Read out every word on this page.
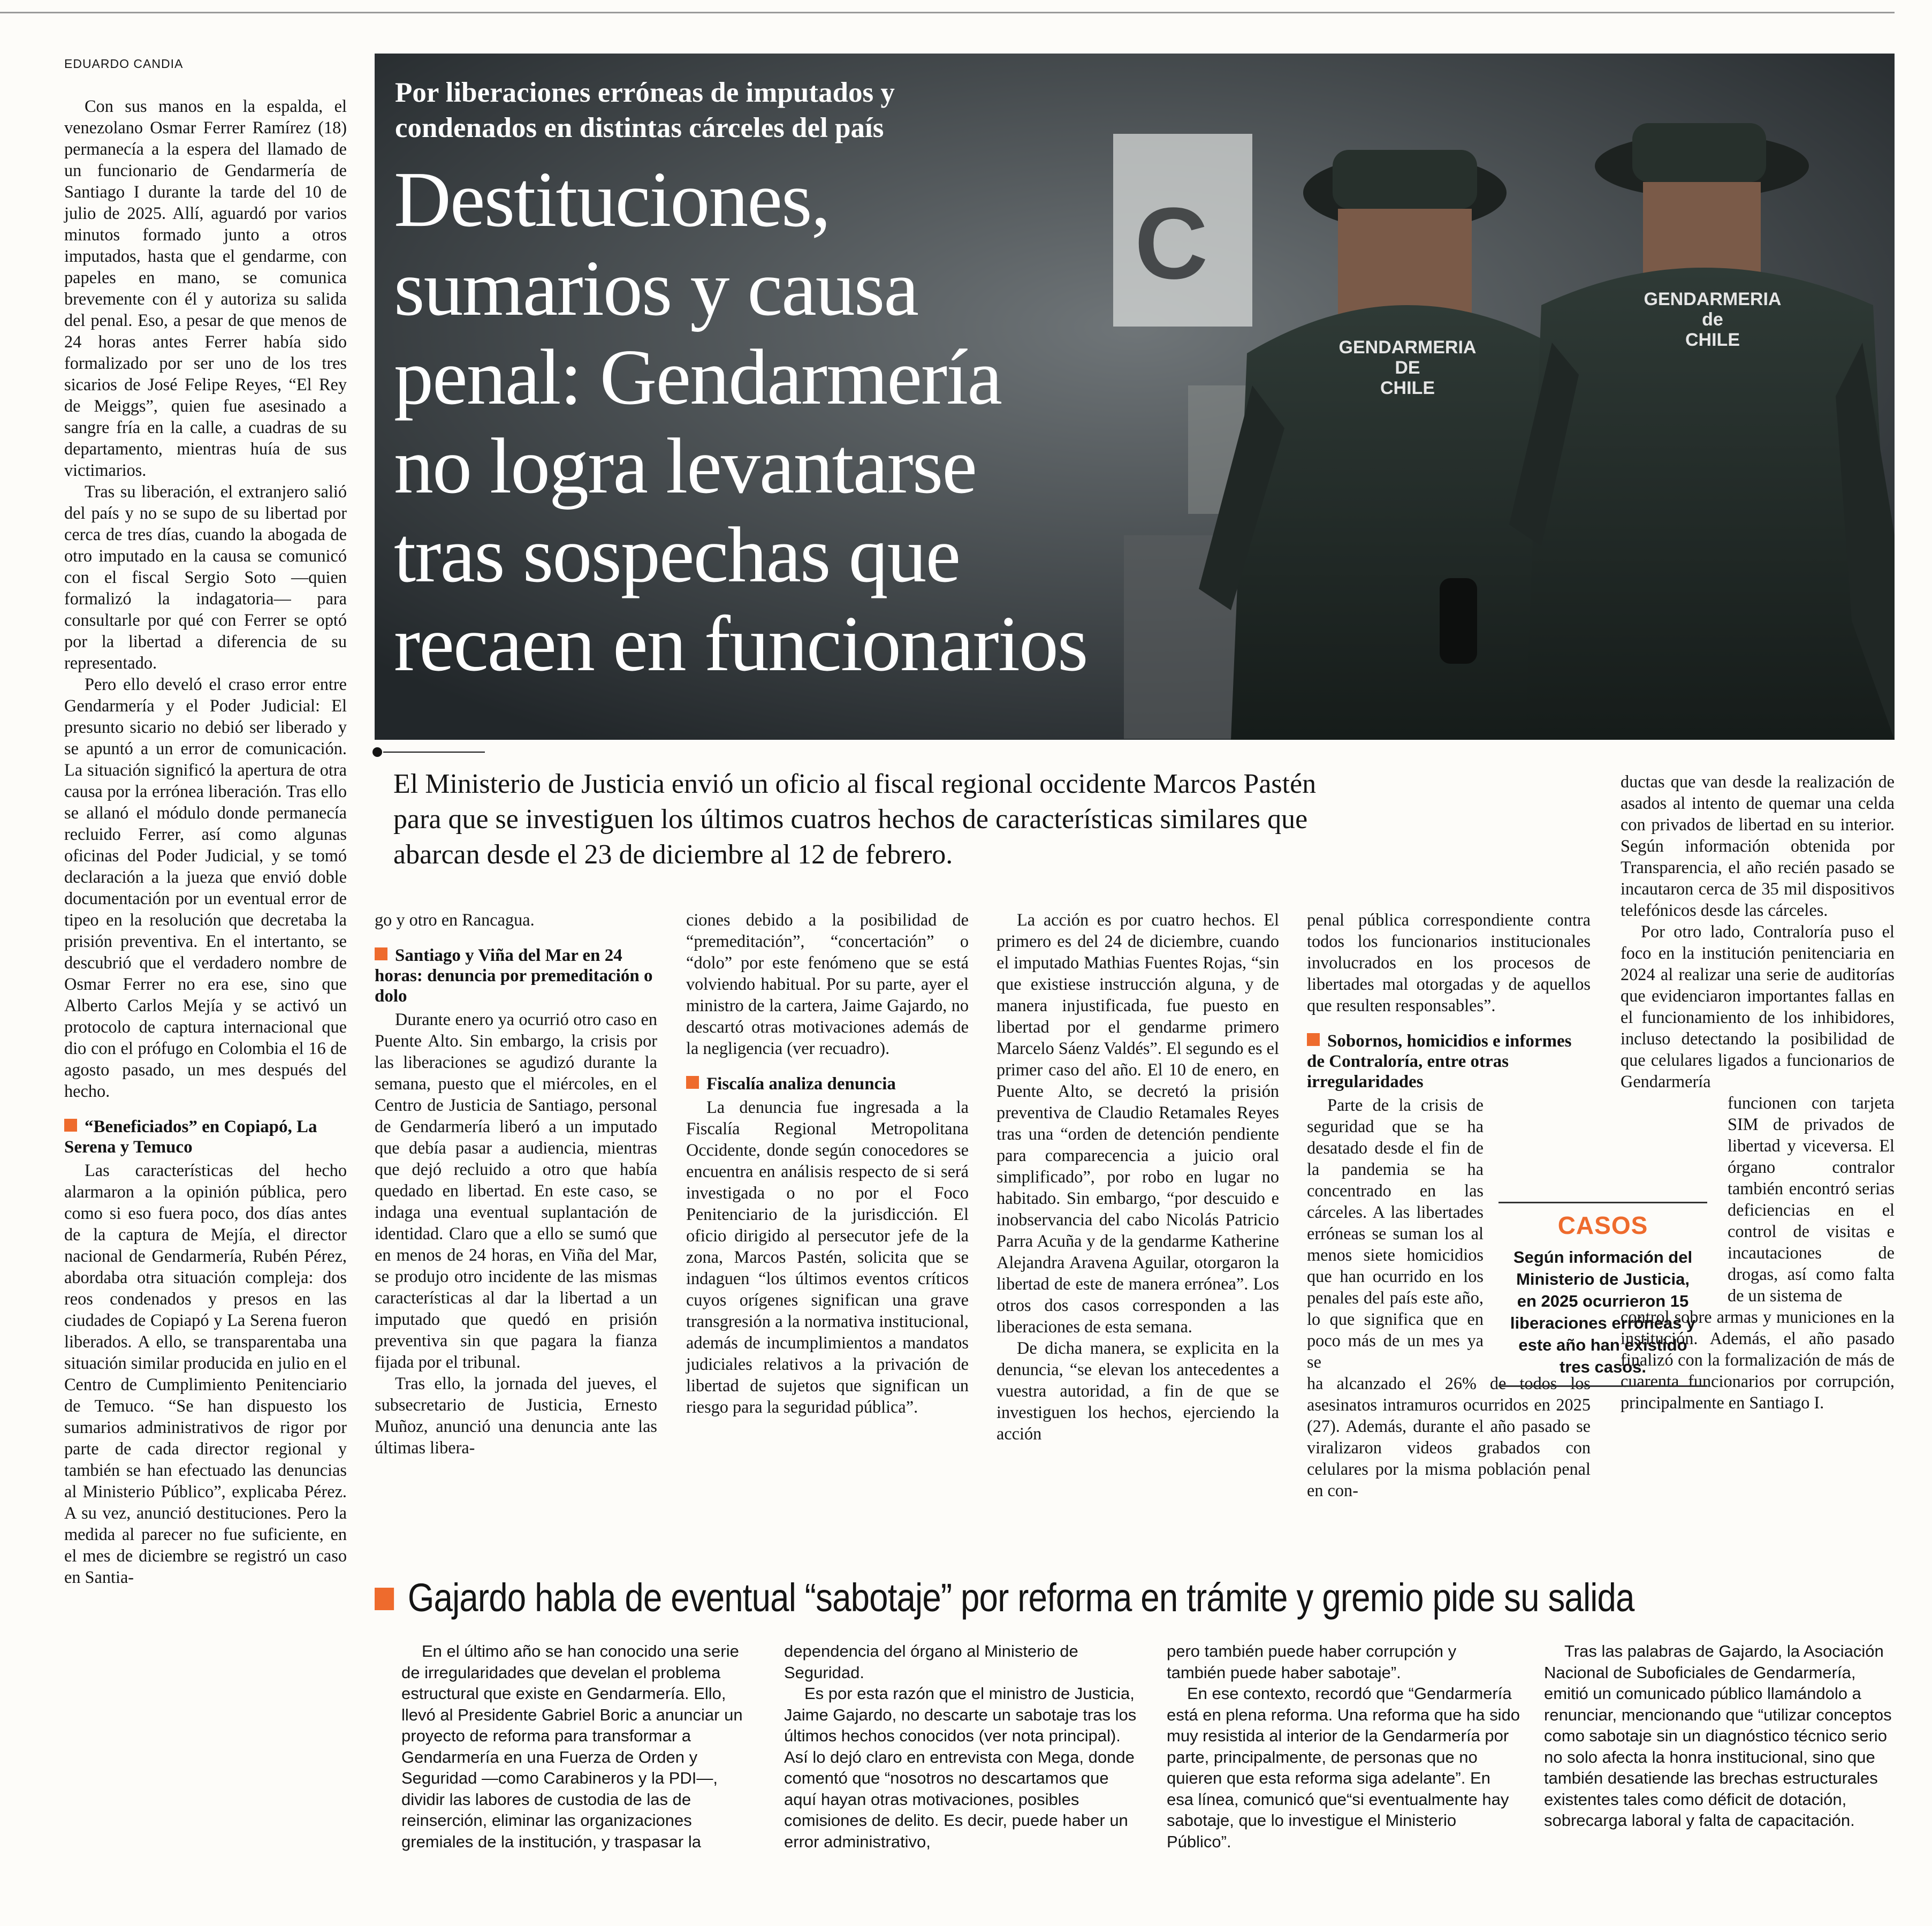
EDUARDO CANDIA

Con sus manos en la espalda, el venezolano Osmar Ferrer Ramírez (18) permanecía a la espera del llamado de un funcionario de Gendarmería de Santiago I durante la tarde del 10 de julio de 2025. Allí, aguardó por varios minutos formado junto a otros imputados, hasta que el gendarme, con papeles en mano, se comunica brevemente con él y autoriza su salida del penal. Eso, a pesar de que menos de 24 horas antes Ferrer había sido formalizado por ser uno de los tres sicarios de José Felipe Reyes, “El Rey de Meiggs”, quien fue asesinado a sangre fría en la calle, a cuadras de su departamento, mientras huía de sus victimarios.

Tras su liberación, el extranjero salió del país y no se supo de su libertad por cerca de tres días, cuando la abogada de otro imputado en la causa se comunicó con el fiscal Sergio Soto —quien formalizó la indagatoria— para consultarle por qué con Ferrer se optó por la libertad a diferencia de su representado.

Pero ello develó el craso error entre Gendarmería y el Poder Judicial: El presunto sicario no debió ser liberado y se apuntó a un error de comunicación. La situación significó la apertura de otra causa por la errónea liberación. Tras ello se allanó el módulo donde permanecía recluido Ferrer, así como algunas oficinas del Poder Judicial, y se tomó declaración a la jueza que envió doble documentación por un eventual error de tipeo en la resolución que decretaba la prisión preventiva. En el intertanto, se descubrió que el verdadero nombre de Osmar Ferrer no era ese, sino que Alberto Carlos Mejía y se activó un protocolo de captura internacional que dio con el prófugo en Colombia el 16 de agosto pasado, un mes después del hecho.

“Beneficiados” en Copiapó, La Serena y Temuco

Las características del hecho alarmaron a la opinión pública, pero como si eso fuera poco, dos días antes de la captura de Mejía, el director nacional de Gendarmería, Rubén Pérez, abordaba otra situación compleja: dos reos condenados y presos en las ciudades de Copiapó y La Serena fueron liberados. A ello, se transparentaba una situación similar producida en julio en el Centro de Cumplimiento Penitenciario de Temuco. “Se han dispuesto los sumarios administrativos de rigor por parte de cada director regional y también se han efectuado las denuncias al Ministerio Público”, explicaba Pérez. A su vez, anunció destituciones. Pero la medida al parecer no fue suficiente, en el mes de diciembre se registró un caso en Santia-

C
GENDARMERIA DE CHILE
GENDARMERIA de CHILE
Por liberaciones erróneas de imputados y
condenados en distintas cárceles del país
Destituciones,
sumarios y causa
penal: Gendarmería
no logra levantarse
tras sospechas que
recaen en funcionarios
El Ministerio de Justicia envió un oficio al fiscal regional occidente Marcos Pastén
para que se investiguen los últimos cuatros hechos de características similares que
abarcan desde el 23 de diciembre al 12 de febrero.

go y otro en Rancagua.

Santiago y Viña del Mar en 24 horas: denuncia por premeditación o dolo

Durante enero ya ocurrió otro caso en Puente Alto. Sin embargo, la crisis por las liberaciones se agudizó durante la semana, puesto que el miércoles, en el Centro de Justicia de Santiago, personal de Gendarmería liberó a un imputado que debía pasar a audiencia, mientras que dejó recluido a otro que había quedado en libertad. En este caso, se indaga una eventual suplantación de identidad. Claro que a ello se sumó que en menos de 24 horas, en Viña del Mar, se produjo otro incidente de las mismas características al dar la libertad a un imputado que quedó en prisión preventiva sin que pagara la fianza fijada por el tribunal.

Tras ello, la jornada del jueves, el subsecretario de Justicia, Ernesto Muñoz, anunció una denuncia ante las últimas libera-

ciones debido a la posibilidad de “premeditación”, “concertación” o “dolo” por este fenómeno que se está volviendo habitual. Por su parte, ayer el ministro de la cartera, Jaime Gajardo, no descartó otras motivaciones además de la negligencia (ver recuadro).

Fiscalía analiza denuncia

La denuncia fue ingresada a la Fiscalía Regional Metropolitana Occidente, donde según conocedores se encuentra en análisis respecto de si será investigada o no por el Foco Penitenciario de la jurisdicción. El oficio dirigido al persecutor jefe de la zona, Marcos Pastén, solicita que se indaguen “los últimos eventos críticos cuyos orígenes significan una grave transgresión a la normativa institucional, además de incumplimientos a mandatos judiciales relativos a la privación de libertad de sujetos que significan un riesgo para la seguridad pública”.

La acción es por cuatro hechos. El primero es del 24 de diciembre, cuando el imputado Mathias Fuentes Rojas, “sin que existiese instrucción alguna, y de manera injustificada, fue puesto en libertad por el gendarme primero Marcelo Sáenz Valdés”. El segundo es el primer caso del año. El 10 de enero, en Puente Alto, se decretó la prisión preventiva de Claudio Retamales Reyes tras una “orden de detención pendiente para comparecencia a juicio oral simplificado”, por robo en lugar no habitado. Sin embargo, “por descuido e inobservancia del cabo Nicolás Patricio Parra Acuña y de la gendarme Katherine Alejandra Aravena Aguilar, otorgaron la libertad de este de manera errónea”. Los otros dos casos corresponden a las liberaciones de esta semana.

De dicha manera, se explicita en la denuncia, “se elevan los antecedentes a vuestra autoridad, a fin de que se investiguen los hechos, ejerciendo la acción

penal pública correspondiente contra todos los funcionarios institucionales involucrados en los procesos de libertades mal otorgadas y de aquellos que resulten responsables”.

Sobornos, homicidios e informes de Contraloría, entre otras irregularidades

Parte de la crisis de seguridad que se ha desatado desde el fin de la pandemia se ha concentrado en las cárceles. A las libertades erróneas se suman los al menos siete homicidios que han ocurrido en los penales del país este año, lo que significa que en poco más de un mes ya se

ha alcanzado el 26% de todos los asesinatos intramuros ocurridos en 2025 (27). Además, durante el año pasado se viralizaron videos grabados con celulares por la misma población penal en con-

ductas que van desde la realización de asados al intento de quemar una celda con privados de libertad en su interior. Según información obtenida por Transparencia, el año recién pasado se incautaron cerca de 35 mil dispositivos telefónicos desde las cárceles.

Por otro lado, Contraloría puso el foco en la institución penitenciaria en 2024 al realizar una serie de auditorías que evidenciaron importantes fallas en el funcionamiento de los inhibidores, incluso detectando la posibilidad de que celulares ligados a funcionarios de Gendarmería

funcionen con tarjeta SIM de privados de libertad y viceversa. El órgano contralor también encontró serias deficiencias en el control de visitas e incautaciones de drogas, así como falta de un sistema de

control sobre armas y municiones en la institución. Además, el año pasado finalizó con la formalización de más de cuarenta funcionarios por corrupción, principalmente en Santiago I.

CASOS
Según información del
Ministerio de Justicia,
en 2025 ocurrieron 15
liberaciones erróneas y
este año han existido
tres casos.
Gajardo habla de eventual “sabotaje” por reforma en trámite y gremio pide su salida

En el último año se han conocido una serie de irregularidades que develan el problema estructural que existe en Gendarmería. Ello, llevó al Presidente Gabriel Boric a anunciar un proyecto de reforma para transformar a Gendarmería en una Fuerza de Orden y Seguridad —como Carabineros y la PDI—, dividir las labores de custodia de las de reinserción, eliminar las organizaciones gremiales de la institución, y traspasar la

dependencia del órgano al Ministerio de Seguridad.

Es por esta razón que el ministro de Justicia, Jaime Gajardo, no descarte un sabotaje tras los últimos hechos conocidos (ver nota principal). Así lo dejó claro en entrevista con Mega, donde comentó que “nosotros no descartamos que aquí hayan otras motivaciones, posibles comisiones de delito. Es decir, puede haber un error administrativo,

pero también puede haber corrupción y también puede haber sabotaje”.

En ese contexto, recordó que “Gendarmería está en plena reforma. Una reforma que ha sido muy resistida al interior de la Gendarmería por parte, principalmente, de personas que no quieren que esta reforma siga adelante”. En esa línea, comunicó que“si eventualmente hay sabotaje, que lo investigue el Ministerio Público”.

Tras las palabras de Gajardo, la Asociación Nacional de Suboficiales de Gendarmería, emitió un comunicado público llamándolo a renunciar, mencionando que “utilizar conceptos como sabotaje sin un diagnóstico técnico serio no solo afecta la honra institucional, sino que también desatiende las brechas estructurales existentes tales como déficit de dotación, sobrecarga laboral y falta de capacitación.
